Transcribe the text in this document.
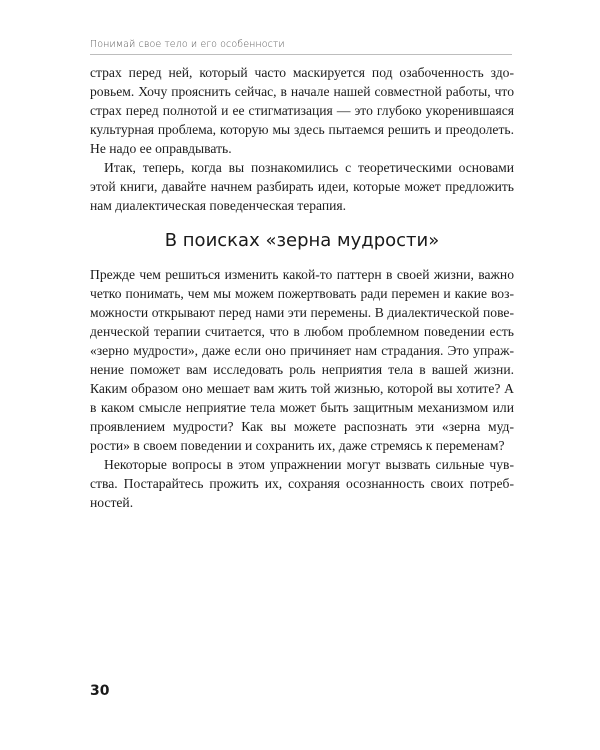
Понимай свое тело и его особенности

страх перед ней, который часто маскируется под озабоченность здоровьем. Хочу прояснить сейчас, в начале нашей совместной работы, что страх перед полнотой и ее стигматизация — это глубоко укоренившаяся культурная проблема, которую мы здесь пытаемся решить и преодолеть. Не надо ее оправдывать.

Итак, теперь, когда вы познакомились с теоретическими основами этой книги, давайте начнем разбирать идеи, которые может предложить нам диалектическая поведенческая терапия.

В поисках «зерна мудрости»

Прежде чем решиться изменить какой-то паттерн в своей жизни, важно четко понимать, чем мы можем пожертвовать ради перемен и какие возможности открывают перед нами эти перемены. В диалектической поведенческой терапии считается, что в любом проблемном поведении есть «зерно мудрости», даже если оно причиняет нам страдания. Это упражнение поможет вам исследовать роль неприятия тела в вашей жизни. Каким образом оно мешает вам жить той жизнью, которой вы хотите? А в каком смысле неприятие тела может быть защитным механизмом или проявлением мудрости? Как вы можете распознать эти «зерна мудрости» в своем поведении и сохранить их, даже стремясь к переменам?

Некоторые вопросы в этом упражнении могут вызвать сильные чувства. Постарайтесь прожить их, сохраняя осознанность своих потребностей.

30
